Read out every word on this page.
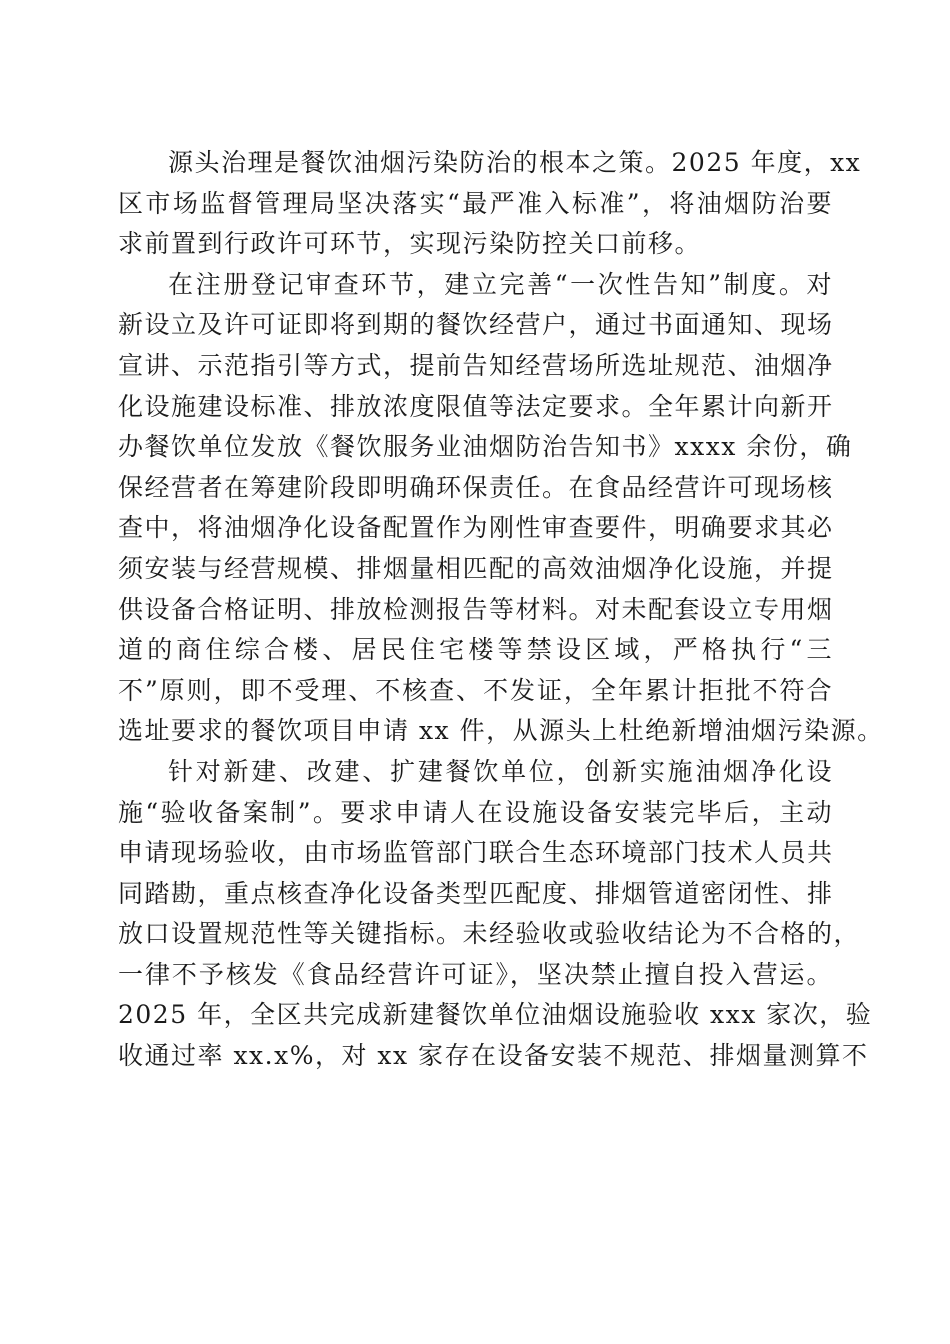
源头治理是餐饮油烟污染防治的根本之策。2025 年度，xx
区市场监督管理局坚决落实“最严准入标准”，将油烟防治要
求前置到行政许可环节，实现污染防控关口前移。
在注册登记审查环节，建立完善“一次性告知”制度。对
新设立及许可证即将到期的餐饮经营户，通过书面通知、现场
宣讲、示范指引等方式，提前告知经营场所选址规范、油烟净
化设施建设标准、排放浓度限值等法定要求。全年累计向新开
办餐饮单位发放《餐饮服务业油烟防治告知书》xxxx 余份，确
保经营者在筹建阶段即明确环保责任。在食品经营许可现场核
查中，将油烟净化设备配置作为刚性审查要件，明确要求其必
须安装与经营规模、排烟量相匹配的高效油烟净化设施，并提
供设备合格证明、排放检测报告等材料。对未配套设立专用烟
道的商住综合楼、居民住宅楼等禁设区域，严格执行“三
不”原则，即不受理、不核查、不发证，全年累计拒批不符合
选址要求的餐饮项目申请 xx 件，从源头上杜绝新增油烟污染源。
针对新建、改建、扩建餐饮单位，创新实施油烟净化设
施“验收备案制”。要求申请人在设施设备安装完毕后，主动
申请现场验收，由市场监管部门联合生态环境部门技术人员共
同踏勘，重点核查净化设备类型匹配度、排烟管道密闭性、排
放口设置规范性等关键指标。未经验收或验收结论为不合格的，
一律不予核发《食品经营许可证》，坚决禁止擅自投入营运。
2025 年，全区共完成新建餐饮单位油烟设施验收 xxx 家次，验
收通过率 xx.x%，对 xx 家存在设备安装不规范、排烟量测算不
